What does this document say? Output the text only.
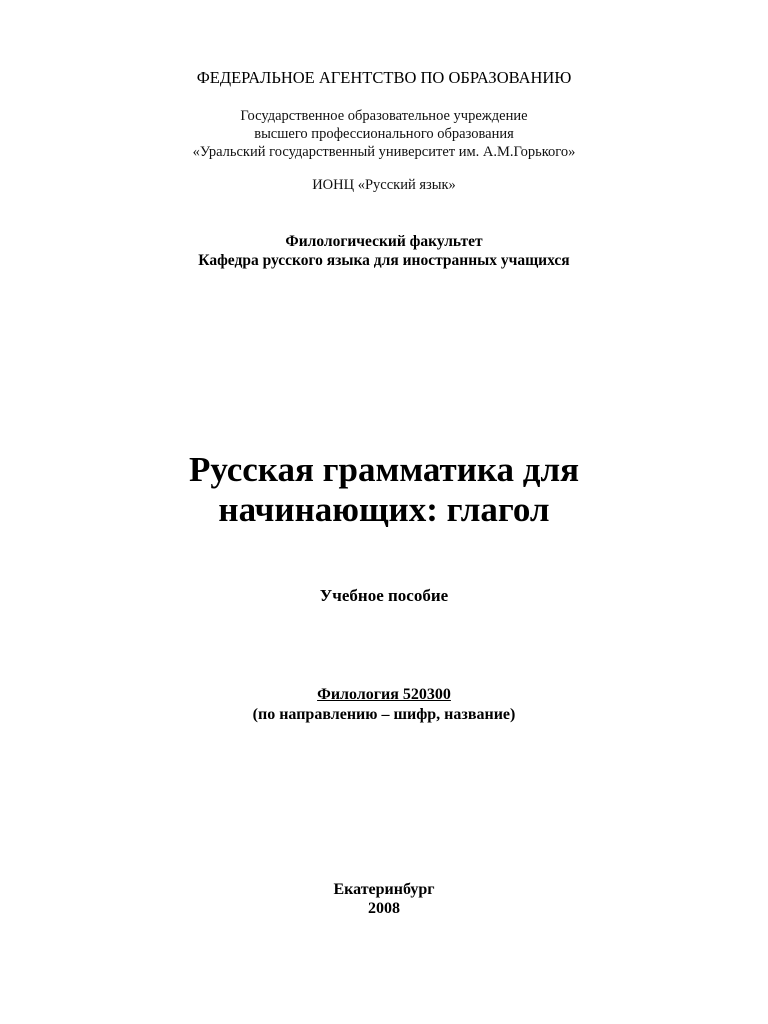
ФЕДЕРАЛЬНОЕ АГЕНТСТВО ПО ОБРАЗОВАНИЮ
Государственное образовательное учреждение
высшего профессионального образования
«Уральский государственный университет им. А.М.Горького»
ИОНЦ «Русский язык»
Филологический факультет
Кафедра русского языка для иностранных учащихся
Русская грамматика для
начинающих: глагол
Учебное пособие
Филология 520300
(по направлению – шифр, название)
Екатеринбург
2008
